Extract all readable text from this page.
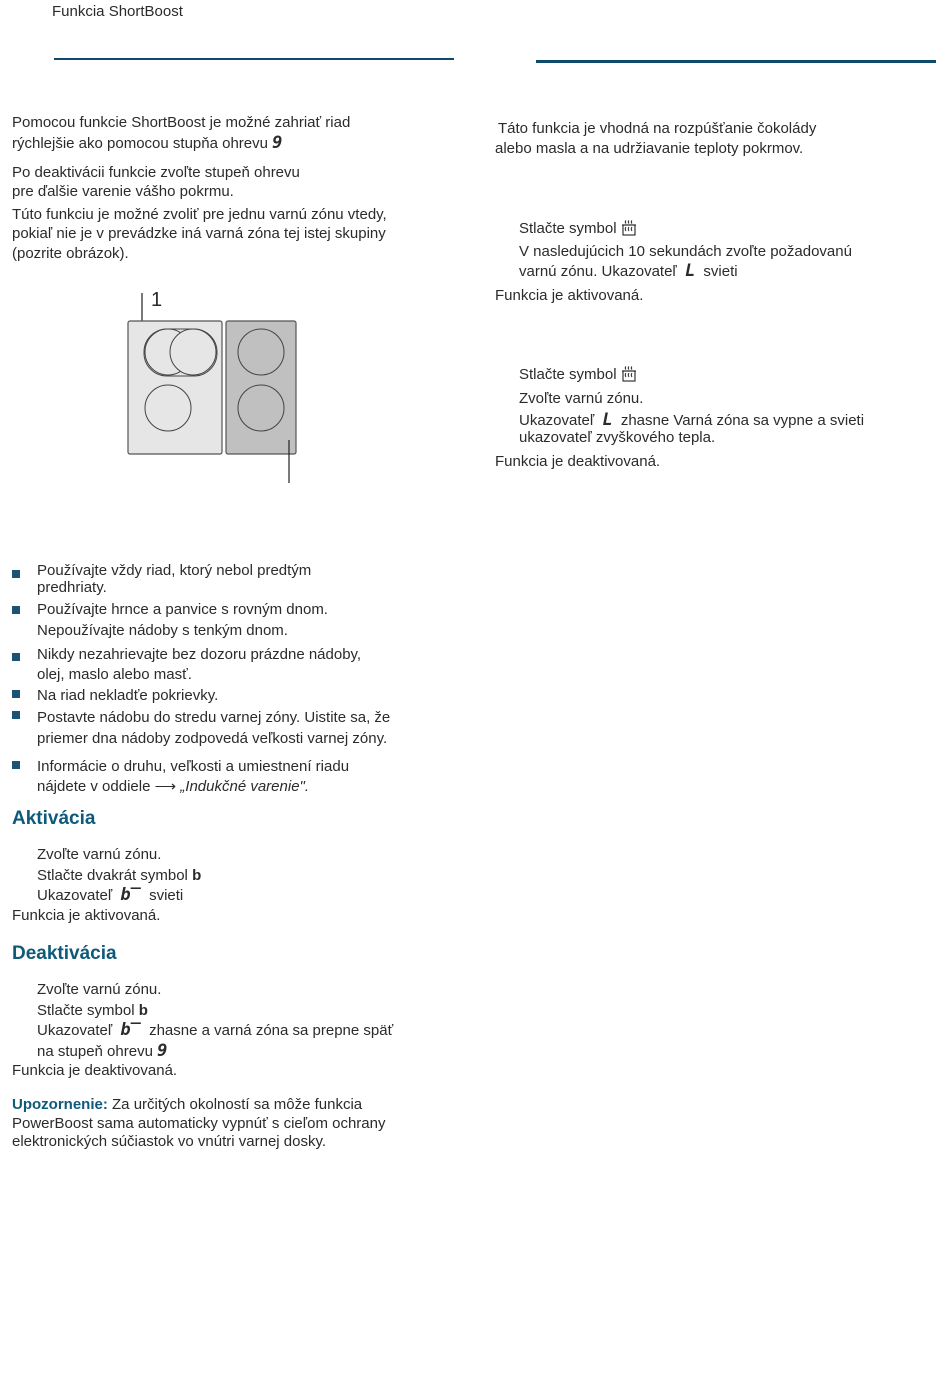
Funkcia ShortBoost
Pomocou funkcie ShortBoost je možné zahriať riad
rýchlejšie ako pomocou stupňa ohrevu 9
Po deaktivácii funkcie zvoľte stupeň ohrevu
pre ďalšie varenie vášho pokrmu.
Túto funkciu je možné zvoliť pre jednu varnú zónu vtedy,
pokiaľ nie je v prevádzke iná varná zóna tej istej skupiny
(pozrite obrázok).
1
Používajte vždy riad, ktorý nebol predtým
predhriaty.
Používajte hrnce a panvice s rovným dnom.
Nepoužívajte nádoby s tenkým dnom.
Nikdy nezahrievajte bez dozoru prázdne nádoby,
olej, maslo alebo masť.
Na riad nekladťe pokrievky.
Postavte nádobu do stredu varnej zóny. Uistite sa, že
priemer dna nádoby zodpovedá veľkosti varnej zóny.
Informácie o druhu, veľkosti a umiestnení riadu
nájdete v oddiele ⟶ „Indukčné varenie".
Aktivácia
Zvoľte varnú zónu.
Stlačte dvakrát symbol b
Ukazovateľ b‾ svieti
Funkcia je aktivovaná.
Deaktivácia
Zvoľte varnú zónu.
Stlačte symbol b
Ukazovateľ b‾ zhasne a varná zóna sa prepne späť
na stupeň ohrevu 9
Funkcia je deaktivovaná.
Upozornenie: Za určitých okolností sa môže funkcia
PowerBoost sama automaticky vypnúť s cieľom ochrany
elektronických súčiastok vo vnútri varnej dosky.
Táto funkcia je vhodná na rozpúšťanie čokolády
alebo masla a na udržiavanie teploty pokrmov.
Stlačte symbol
V nasledujúcich 10 sekundách zvoľte požadovanú
varnú zónu. Ukazovateľ L svieti
Funkcia je aktivovaná.
Stlačte symbol
Zvoľte varnú zónu.
Ukazovateľ L zhasne Varná zóna sa vypne a svieti
ukazovateľ zvyškového tepla.
Funkcia je deaktivovaná.
